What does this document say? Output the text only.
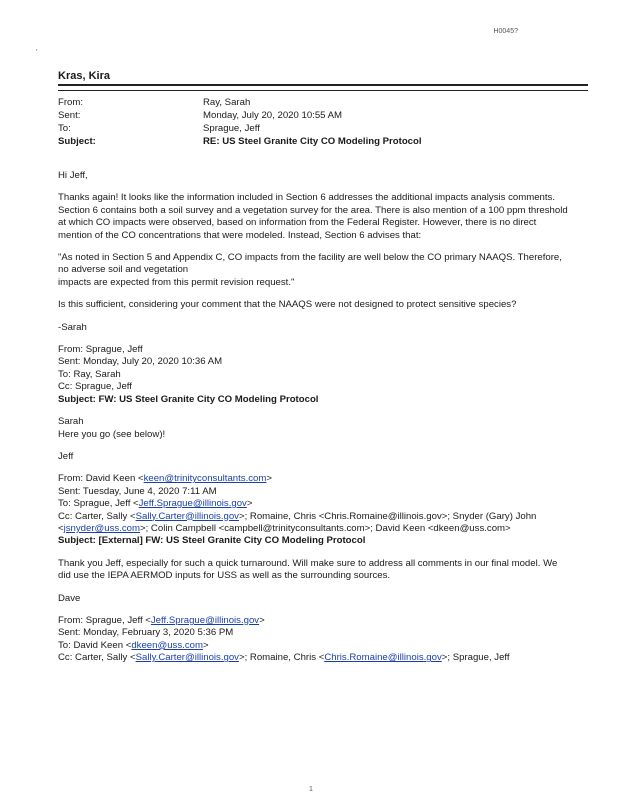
H0045?
'
Kras, Kira
From:	Ray, Sarah
Sent:	Monday, July 20, 2020 10:55 AM
To:	Sprague, Jeff
Subject:	RE: US Steel Granite City CO Modeling Protocol

Hi Jeff,

Thanks again! It looks like the information included in Section 6 addresses the additional impacts analysis comments.

Section 6 contains both a soil survey and a vegetation survey for the area. There is also mention of a 100 ppm threshold

at which CO impacts were observed, based on information from the Federal Register. However, there is no direct

mention of the CO concentrations that were modeled. Instead, Section 6 advises that:

"As noted in Section 5 and Appendix C, CO impacts from the facility are well below the CO primary NAAQS. Therefore,

no adverse soil and vegetation

impacts are expected from this permit revision request."

Is this sufficient, considering your comment that the NAAQS were not designed to protect sensitive species?

-Sarah

From: Sprague, Jeff

Sent: Monday, July 20, 2020 10:36 AM

To: Ray, Sarah

Cc: Sprague, Jeff

Subject: FW: US Steel Granite City CO Modeling Protocol

Sarah

Here you go (see below)!

Jeff

From: David Keen <keen@trinityconsultants.com>

Sent: Tuesday, June 4, 2020 7:11 AM

To: Sprague, Jeff <Jeff.Sprague@illinois.gov>

Cc: Carter, Sally <Sally.Carter@illinois.gov>; Romaine, Chris <Chris.Romaine@illinois.gov>; Snyder (Gary) John

<jsnyder@uss.com>; Colin Campbell <campbell@trinityconsultants.com>; David Keen <dkeen@uss.com>

Subject: [External] FW: US Steel Granite City CO Modeling Protocol

Thank you Jeff, especially for such a quick turnaround. Will make sure to address all comments in our final model. We

did use the IEPA AERMOD inputs for USS as well as the surrounding sources.

Dave

From: Sprague, Jeff <Jeff.Sprague@illinois.gov>

Sent: Monday, February 3, 2020 5:36 PM

To: David Keen <dkeen@uss.com>

Cc: Carter, Sally <Sally.Carter@illinois.gov>; Romaine, Chris <Chris.Romaine@illinois.gov>; Sprague, Jeff

1
